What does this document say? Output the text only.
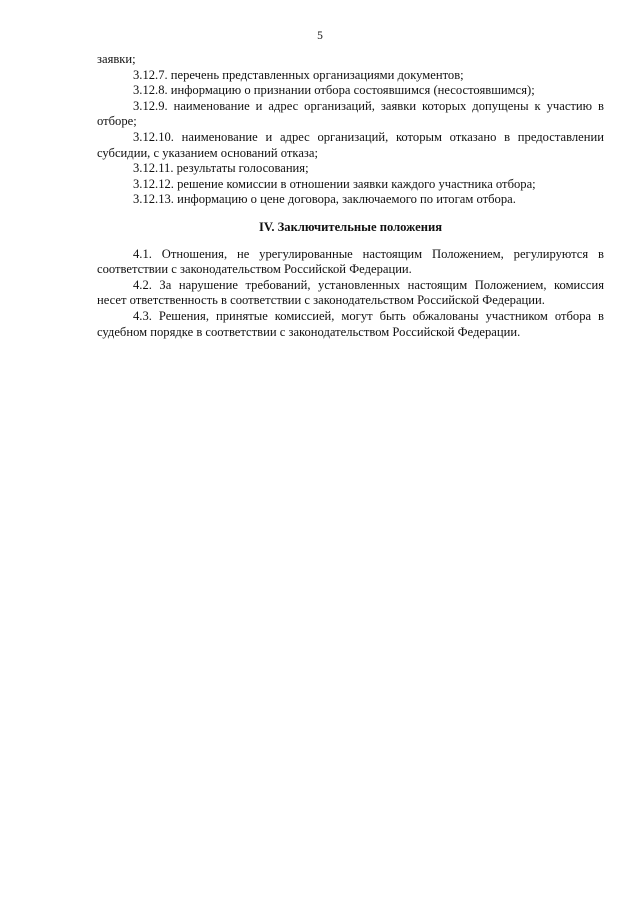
5

заявки;

3.12.7. перечень представленных организациями документов;

3.12.8. информацию о признании отбора состоявшимся (несостоявшимся);

3.12.9. наименование и адрес организаций, заявки которых допущены к участию в отборе;

3.12.10. наименование и адрес организаций, которым отказано в предоставлении субсидии, с указанием оснований отказа;

3.12.11. результаты голосования;

3.12.12. решение комиссии в отношении заявки каждого участника отбора;

3.12.13. информацию о цене договора, заключаемого по итогам отбора.

IV. Заключительные положения

4.1. Отношения, не урегулированные настоящим Положением, регулируются в соответствии с законодательством Российской Федерации.

4.2. За нарушение требований, установленных настоящим Положением, комиссия несет ответственность в соответствии с законодательством Российской Федерации.

4.3. Решения, принятые комиссией, могут быть обжалованы участником отбора в судебном порядке в соответствии с законодательством Российской Федерации.
